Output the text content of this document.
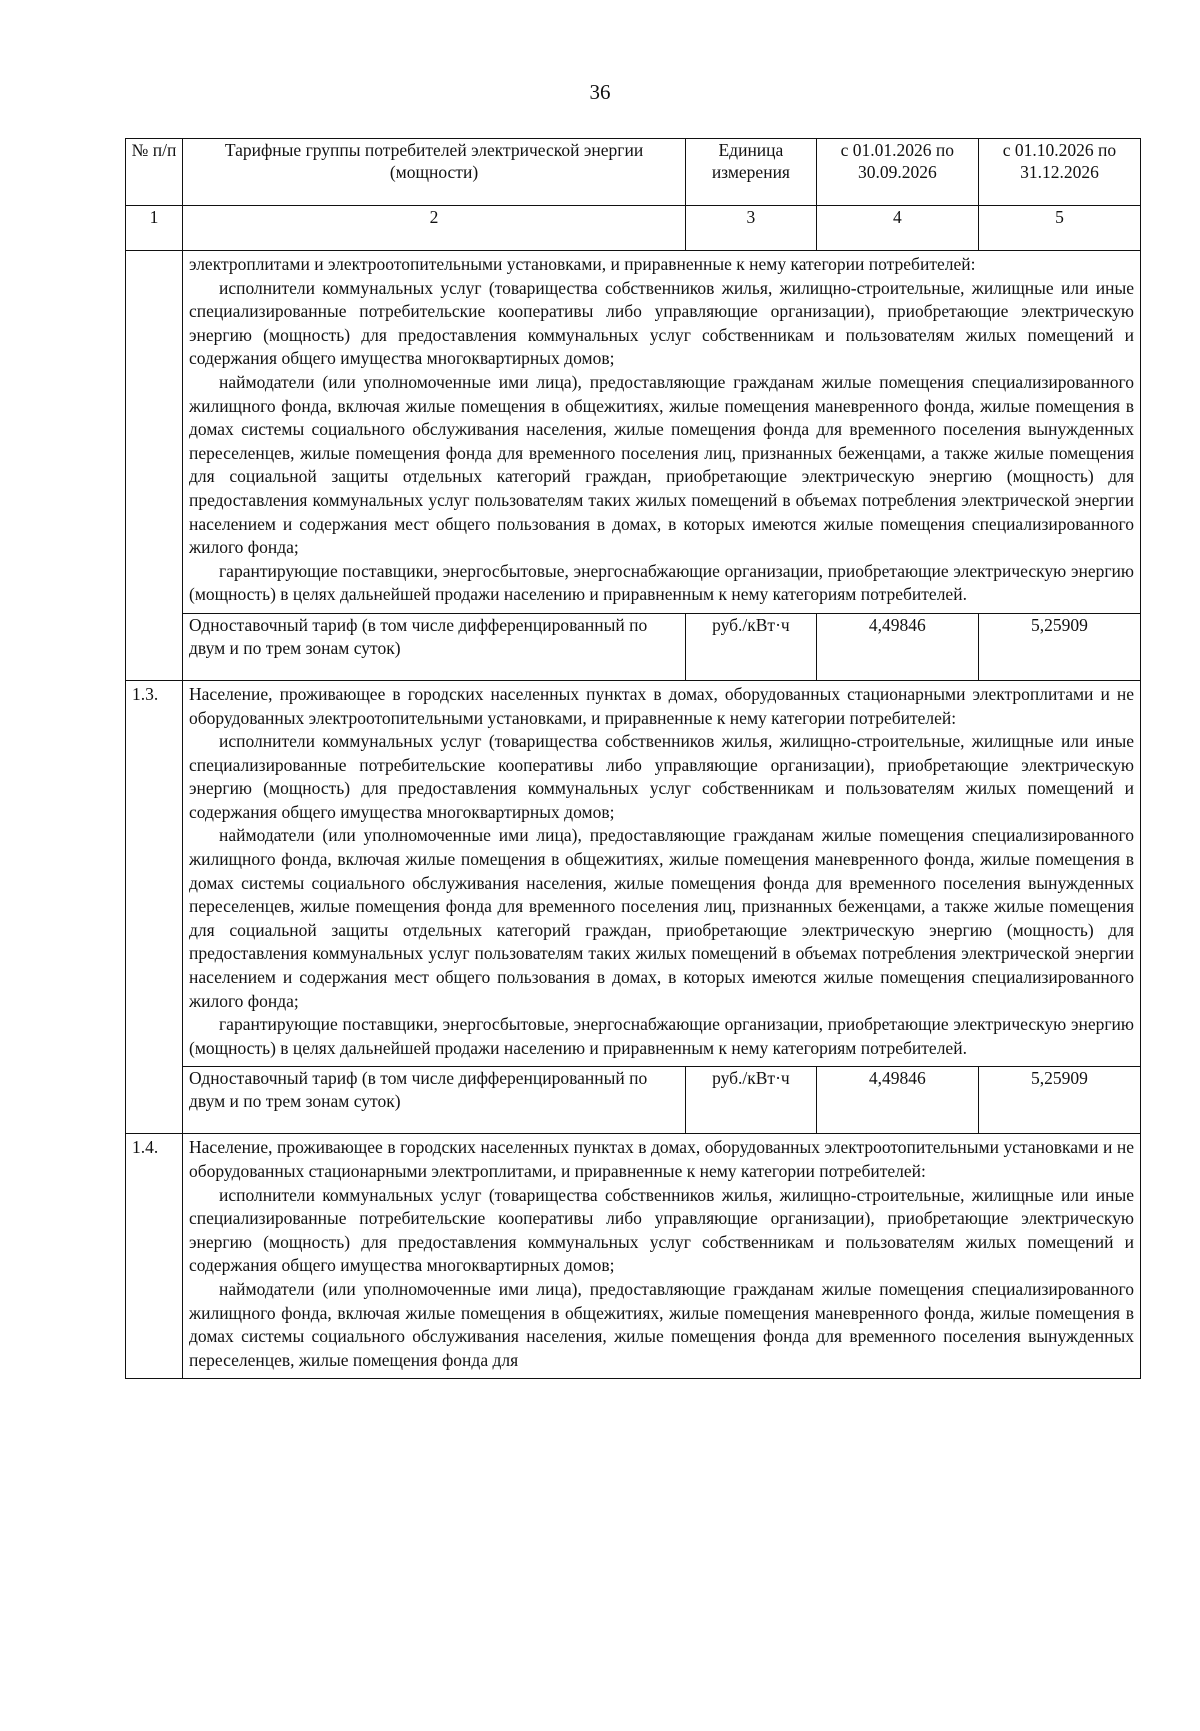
36
№ п/п	Тарифные группы потребителей электрической энергии (мощности)	Единица измерения	с 01.01.2026 по 30.09.2026	с 01.10.2026 по 31.12.2026
1	2	3	4	5

	электроплитами и электроотопительными установками, и приравненные к нему категории потребителей:

исполнители коммунальных услуг (товарищества собственников жилья, жилищно-строительные, жилищные или иные специализированные потребительские кооперативы либо управляющие организации), приобретающие электрическую энергию (мощность) для предоставления коммунальных услуг собственникам и пользователям жилых помещений и содержания общего имущества многоквартирных домов;

наймодатели (или уполномоченные ими лица), предоставляющие гражданам жилые помещения специализированного жилищного фонда, включая жилые помещения в общежитиях, жилые помещения маневренного фонда, жилые помещения в домах системы социального обслуживания населения, жилые помещения фонда для временного поселения вынужденных переселенцев, жилые помещения фонда для временного поселения лиц, признанных беженцами, а также жилые помещения для социальной защиты отдельных категорий граждан, приобретающие электрическую энергию (мощность) для предоставления коммунальных услуг пользователям таких жилых помещений в объемах потребления электрической энергии населением и содержания мест общего пользования в домах, в которых имеются жилые помещения специализированного жилого фонда;

гарантирующие поставщики, энергосбытовые, энергоснабжающие организации, приобретающие электрическую энергию (мощность) в целях дальнейшей продажи населению и приравненным к нему категориям потребителей.			

	Одноставочный тариф (в том числе дифференцированный по двум и по трем зонам суток)	руб./кВт·ч	4,49846	5,25909
1.3.	Население, проживающее в городских населенных пунктах в домах, оборудованных стационарными электроплитами и не оборудованных электроотопительными установками, и приравненные к нему категории потребителей:

исполнители коммунальных услуг (товарищества собственников жилья, жилищно-строительные, жилищные или иные специализированные потребительские кооперативы либо управляющие организации), приобретающие электрическую энергию (мощность) для предоставления коммунальных услуг собственникам и пользователям жилых помещений и содержания общего имущества многоквартирных домов;

наймодатели (или уполномоченные ими лица), предоставляющие гражданам жилые помещения специализированного жилищного фонда, включая жилые помещения в общежитиях, жилые помещения маневренного фонда, жилые помещения в домах системы социального обслуживания населения, жилые помещения фонда для временного поселения вынужденных переселенцев, жилые помещения фонда для временного поселения лиц, признанных беженцами, а также жилые помещения для социальной защиты отдельных категорий граждан, приобретающие электрическую энергию (мощность) для предоставления коммунальных услуг пользователям таких жилых помещений в объемах потребления электрической энергии населением и содержания мест общего пользования в домах, в которых имеются жилые помещения специализированного жилого фонда;

гарантирующие поставщики, энергосбытовые, энергоснабжающие организации, приобретающие электрическую энергию (мощность) в целях дальнейшей продажи населению и приравненным к нему категориям потребителей.			

	Одноставочный тариф (в том числе дифференцированный по двум и по трем зонам суток)	руб./кВт·ч	4,49846	5,25909
1.4.	Население, проживающее в городских населенных пунктах в домах, оборудованных электроотопительными установками и не оборудованных стационарными электроплитами, и приравненные к нему категории потребителей:

исполнители коммунальных услуг (товарищества собственников жилья, жилищно-строительные, жилищные или иные специализированные потребительские кооперативы либо управляющие организации), приобретающие электрическую энергию (мощность) для предоставления коммунальных услуг собственникам и пользователям жилых помещений и содержания общего имущества многоквартирных домов;

наймодатели (или уполномоченные ими лица), предоставляющие гражданам жилые помещения специализированного жилищного фонда, включая жилые помещения в общежитиях, жилые помещения маневренного фонда, жилые помещения в домах системы социального обслуживания населения, жилые помещения фонда для временного поселения вынужденных переселенцев, жилые помещения фонда для			
